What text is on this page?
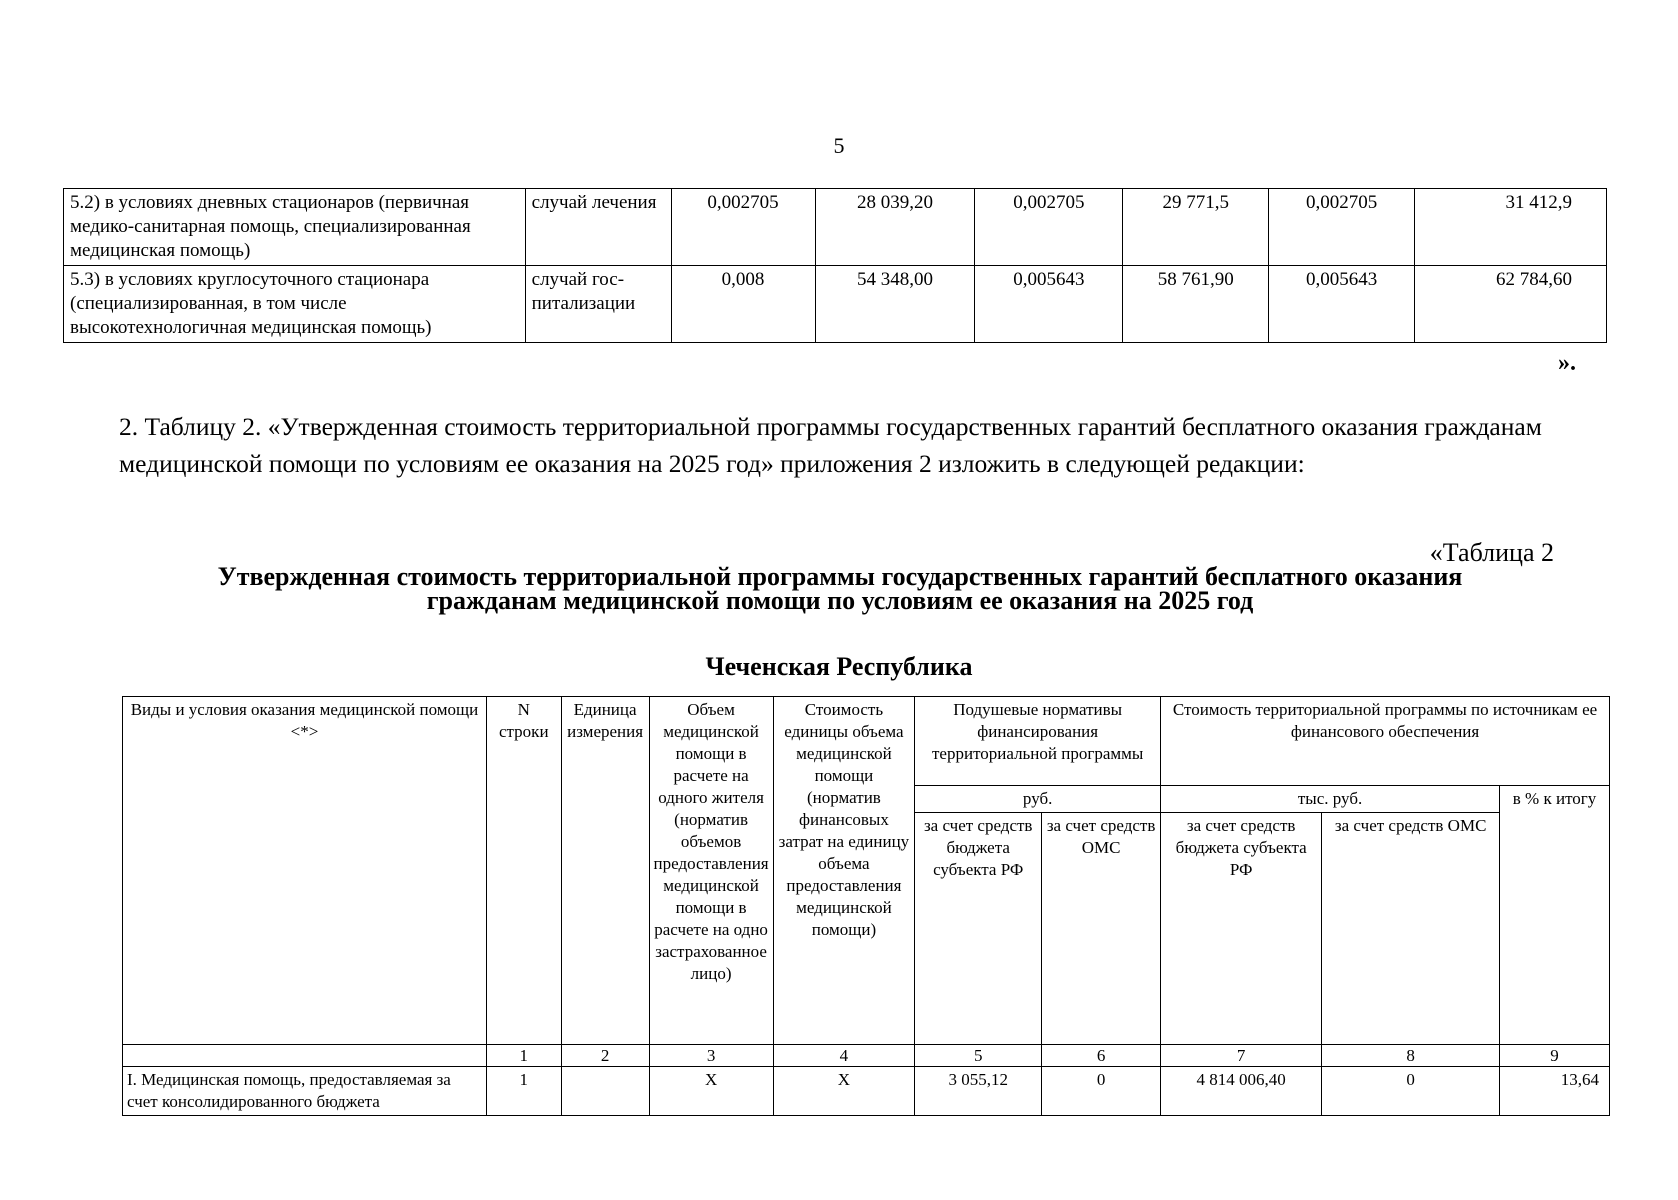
5
5.2) в условиях дневных стационаров (первичная медико-санитарная помощь, специализированная медицинская помощь)	случай лечения	0,002705	28 039,20	0,002705	29 771,5	0,002705	31 412,9
5.3) в условиях круглосуточного стационара (специализированная, в том числе высокотехнологичная медицинская помощь)	случай гос-питализации	0,008	54 348,00	0,005643	58 761,90	0,005643	62 784,60
».
2. Таблицу 2. «Утвержденная стоимость территориальной программы государственных гарантий бесплатного оказания гражданам медицинской помощи по условиям ее оказания на 2025 год» приложения 2 изложить в следующей редакции:
«Таблица 2
Утвержденная стоимость территориальной программы государственных гарантий бесплатного оказания
гражданам медицинской помощи по условиям ее оказания на 2025 год
Чеченская Республика
Виды и условия оказания медицинской помощи <*>	N строки	Единица измерения	Объем медицинской помощи в расчете на одного жителя (норматив объемов предоставления медицинской помощи в расчете на одно застрахованное лицо)	Стоимость единицы объема медицинской помощи (норматив финансовых затрат на единицу объема предоставления медицинской помощи)	Подушевые нормативы финансирования территориальной программы		Стоимость территориальной программы по источникам ее финансового обеспечения		
					руб.		тыс. руб.		в % к итогу
					за счет средств бюджета субъекта РФ	за счет средств ОМС	за счет средств бюджета субъекта РФ	за счет средств ОМС	
	1	2	3	4	5	6	7	8	9
I. Медицинская помощь, предоставляемая за счет консолидированного бюджета	1		X	X	3 055,12	0	4 814 006,40	0	13,64
